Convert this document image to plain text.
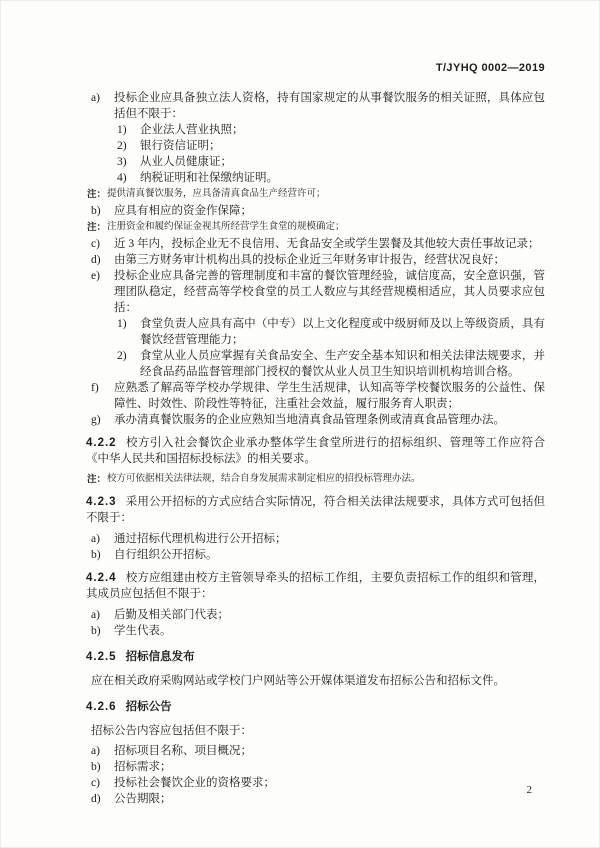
T/JYHQ 0002—2019
a) 投标企业应具备独立法人资格，持有国家规定的从事餐饮服务的相关证照，具体应包括但不限于：
1) 企业法人营业执照；
2) 银行资信证明；
3) 从业人员健康证；
4) 纳税证明和社保缴纳证明。
注： 提供清真餐饮服务，应具备清真食品生产经营许可；
b) 应具有相应的资金作保障；
注： 注册资金和履约保证金视其所经营学生食堂的规模确定；
c) 近 3 年内，投标企业无不良信用、无食品安全或学生罢餐及其他较大责任事故记录；
d) 由第三方财务审计机构出具的投标企业近三年财务审计报告，经营状况良好；
e) 投标企业应具备完善的管理制度和丰富的餐饮管理经验，诚信度高，安全意识强，管理团队稳定，经营高等学校食堂的员工人数应与其经营规模相适应，其人员要求应包括：
1) 食堂负责人应具有高中（中专）以上文化程度或中级厨师及以上等级资质，具有餐饮经营管理能力；
2) 食堂从业人员应掌握有关食品安全、生产安全基本知识和相关法律法规要求，并经食品药品监督管理部门授权的餐饮从业人员卫生知识培训机构培训合格。
f) 应熟悉了解高等学校办学规律、学生生活规律，认知高等学校餐饮服务的公益性、保障性、时效性、阶段性等特征，注重社会效益，履行服务育人职责；
g) 承办清真餐饮服务的企业应熟知当地清真食品管理条例或清真食品管理办法。
4.2.2 校方引入社会餐饮企业承办整体学生食堂所进行的招标组织、管理等工作应符合《中华人民共和国招标投标法》的相关要求。
注： 校方可依据相关法律法规，结合自身发展需求制定相应的招投标管理办法。
4.2.3 采用公开招标的方式应结合实际情况，符合相关法律法规要求，具体方式可包括但不限于：
a) 通过招标代理机构进行公开招标；
b) 自行组织公开招标。
4.2.4 校方应组建由校方主管领导牵头的招标工作组，主要负责招标工作的组织和管理，其成员应包括但不限于：
a) 后勤及相关部门代表；
b) 学生代表。
4.2.5 招标信息发布
应在相关政府采购网站或学校门户网站等公开媒体渠道发布招标公告和招标文件。
4.2.6 招标公告
招标公告内容应包括但不限于：
a) 招标项目名称、项目概况；
b) 招标需求；
c) 投标社会餐饮企业的资格要求；
d) 公告期限；
2
